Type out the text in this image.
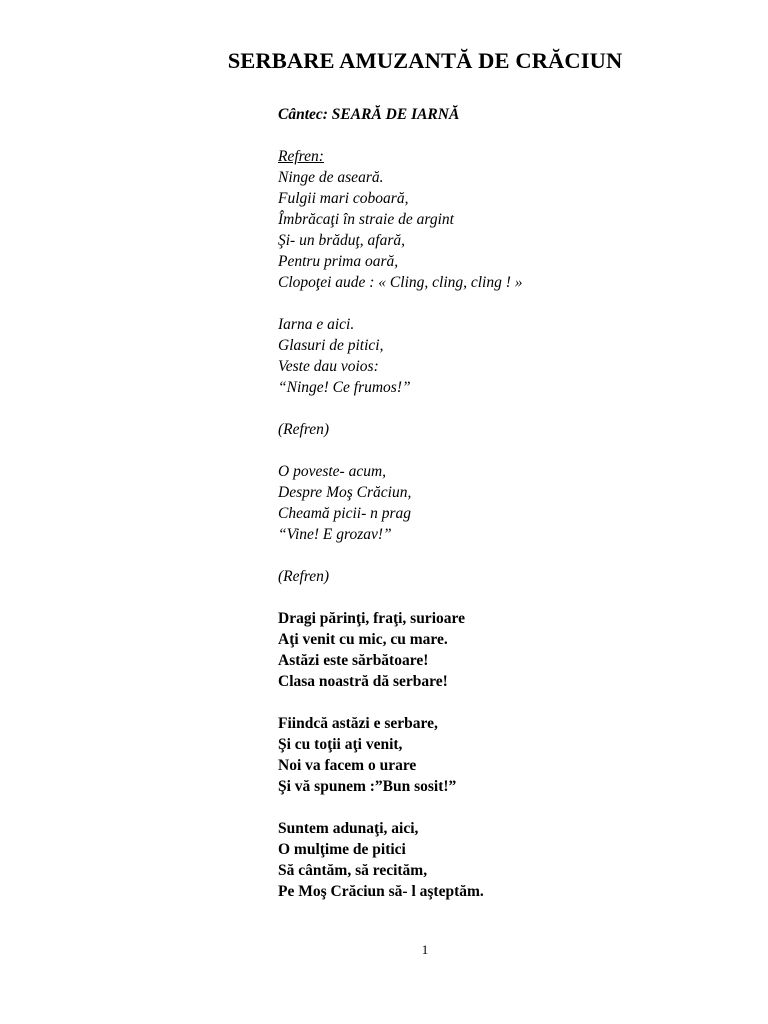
SERBARE AMUZANTĂ DE CRĂCIUN
Cântec: SEARĂ DE IARNĂ
Refren:
Ninge de aseară.
Fulgii mari coboară,
Îmbrăcaţi în straie de argint
Şi- un brăduţ, afară,
Pentru prima oară,
Clopoţei aude : « Cling, cling, cling ! »
Iarna e aici.
Glasuri de pitici,
Veste dau voios:
“Ninge! Ce frumos!”
(Refren)
O poveste- acum,
Despre Moş Crăciun,
Cheamă picii- n prag
“Vine! E grozav!”
(Refren)
Dragi părinţi, fraţi, surioare
Aţi venit cu mic, cu mare.
Astăzi este sărbătoare!
Clasa noastră dă serbare!
Fiindcă astăzi e serbare,
Şi cu toţii aţi venit,
Noi va facem o urare
Şi vă spunem :”Bun sosit!”
Suntem adunaţi, aici,
O mulţime de pitici
Să cântăm, să recităm,
Pe Moş Crăciun să- l aşteptăm.
1
